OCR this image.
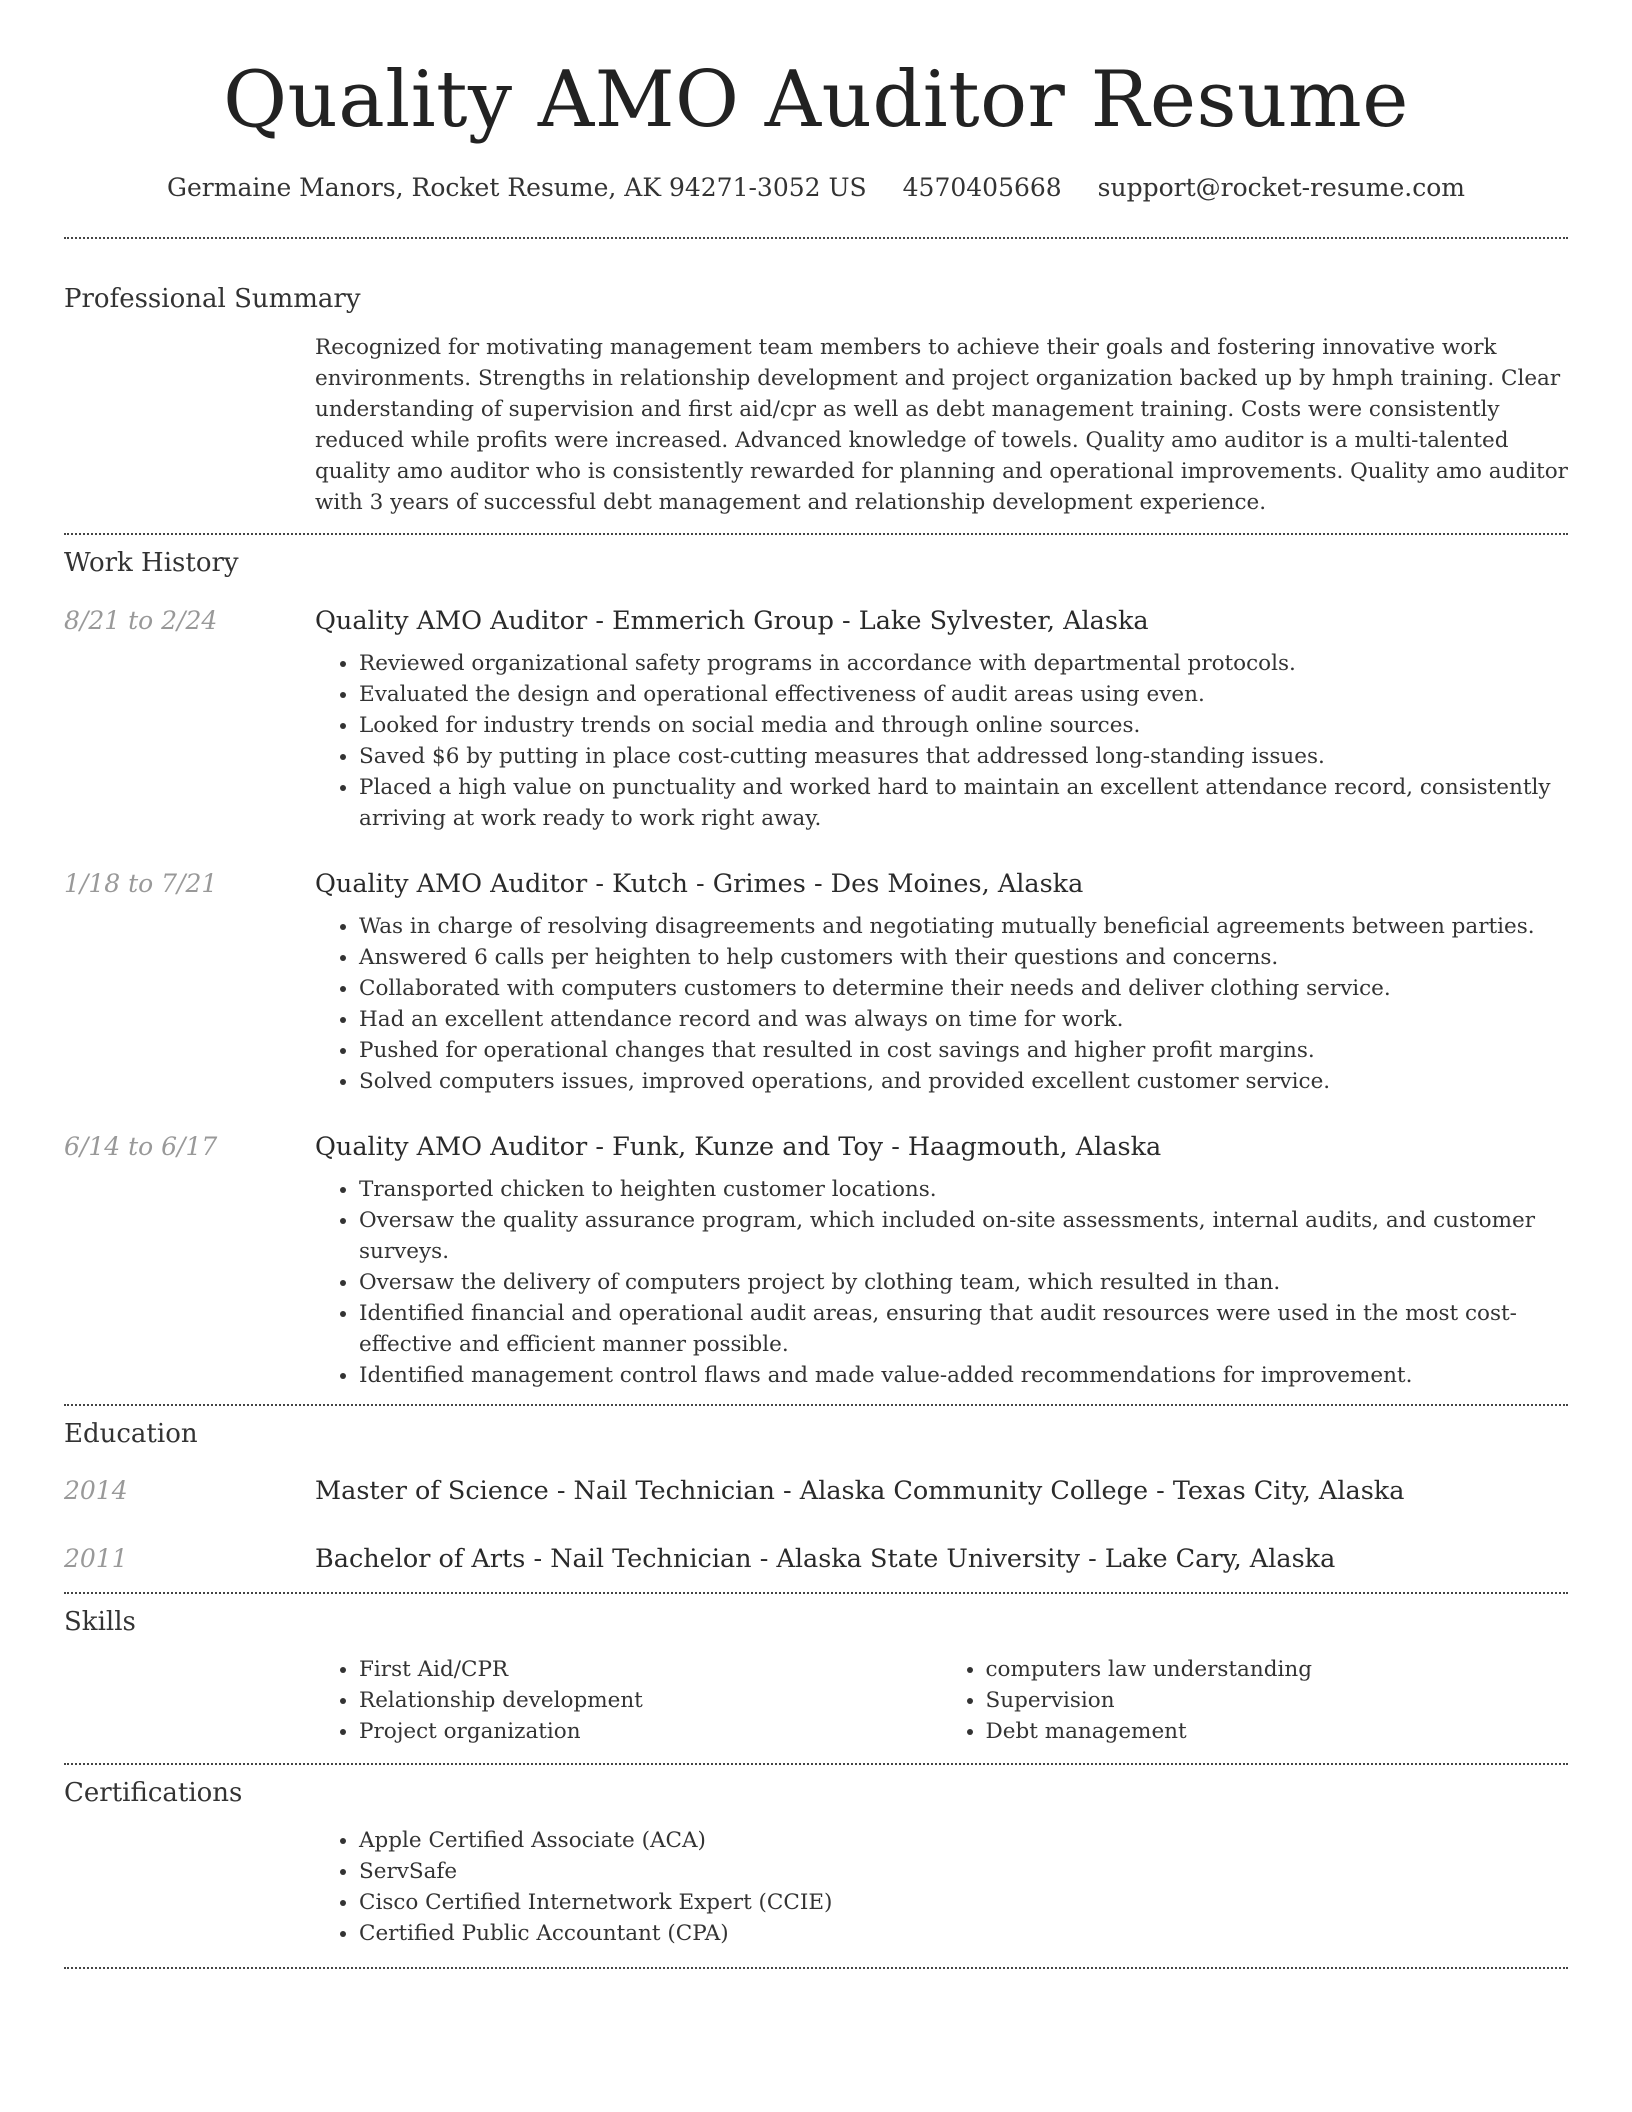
Quality AMO Auditor Resume
Germaine Manors, Rocket Resume, AK 94271-3052 US 4570405668 support@rocket-resume.com
Professional Summary
Recognized for motivating management team members to achieve their goals and fostering innovative work environments. Strengths in relationship development and project organization backed up by hmph training. Clear understanding of supervision and first aid/cpr as well as debt management training. Costs were consistently reduced while profits were increased. Advanced knowledge of towels. Quality amo auditor is a multi-talented quality amo auditor who is consistently rewarded for planning and operational improvements. Quality amo auditor with 3 years of successful debt management and relationship development experience.
Work History
8/21 to 2/24	Quality AMO Auditor - Emmerich Group - Lake Sylvester, Alaska
• Reviewed organizational safety programs in accordance with departmental protocols.
• Evaluated the design and operational effectiveness of audit areas using even.
• Looked for industry trends on social media and through online sources.
• Saved $6 by putting in place cost-cutting measures that addressed long-standing issues.
• Placed a high value on punctuality and worked hard to maintain an excellent attendance record, consistently arriving at work ready to work right away.
1/18 to 7/21	Quality AMO Auditor - Kutch - Grimes - Des Moines, Alaska
• Was in charge of resolving disagreements and negotiating mutually beneficial agreements between parties.
• Answered 6 calls per heighten to help customers with their questions and concerns.
• Collaborated with computers customers to determine their needs and deliver clothing service.
• Had an excellent attendance record and was always on time for work.
• Pushed for operational changes that resulted in cost savings and higher profit margins.
• Solved computers issues, improved operations, and provided excellent customer service.
6/14 to 6/17	Quality AMO Auditor - Funk, Kunze and Toy - Haagmouth, Alaska
• Transported chicken to heighten customer locations.
• Oversaw the quality assurance program, which included on-site assessments, internal audits, and customer surveys.
• Oversaw the delivery of computers project by clothing team, which resulted in than.
• Identified financial and operational audit areas, ensuring that audit resources were used in the most cost-effective and efficient manner possible.
• Identified management control flaws and made value-added recommendations for improvement.
Education
2014	Master of Science - Nail Technician - Alaska Community College - Texas City, Alaska
2011	Bachelor of Arts - Nail Technician - Alaska State University - Lake Cary, Alaska
Skills
• First Aid/CPR
• Relationship development
• Project organization
• computers law understanding
• Supervision
• Debt management
Certifications
• Apple Certified Associate (ACA)
• ServSafe
• Cisco Certified Internetwork Expert (CCIE)
• Certified Public Accountant (CPA)
